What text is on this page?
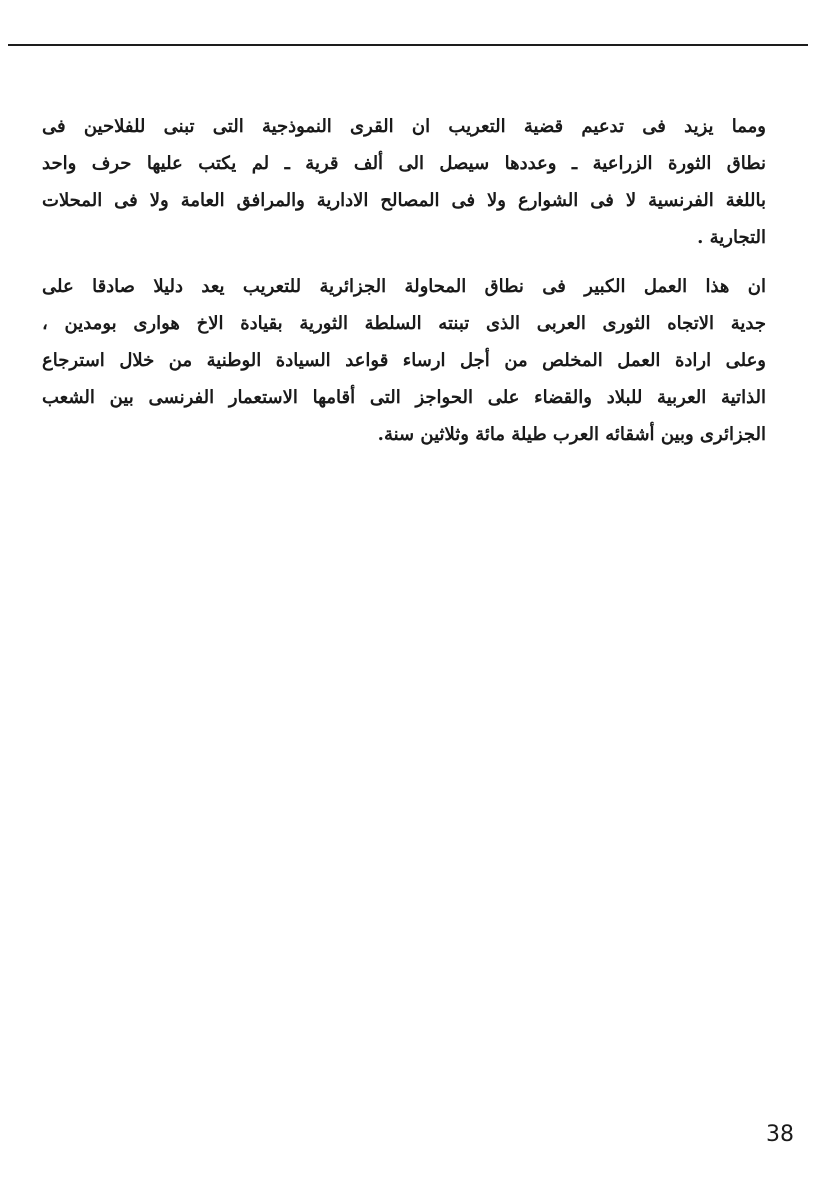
ومما يزيد فى تدعيم قضية التعريب ان القرى النموذجية التى تبنى للفلاحين فى
نطاق الثورة الزراعية ـ وعددها سيصل الى ألف قرية ـ لم يكتب عليها حرف واحد
باللغة الفرنسية لا فى الشوارع ولا فى المصالح الادارية والمرافق العامة ولا فى المحلات
التجارية .
ان هذا العمل الكبير فى نطاق المحاولة الجزائرية للتعريب يعد دليلا صادقا على
جدية الاتجاه الثورى العربى الذى تبنته السلطة الثورية بقيادة الاخ هوارى بومدين ،
وعلى ارادة العمل المخلص من أجل ارساء قواعد السيادة الوطنية من خلال استرجاع
الذاتية العربية للبلاد والقضاء على الحواجز التى أقامها الاستعمار الفرنسى بين الشعب
الجزائرى وبين أشقائه العرب طيلة مائة وثلاثين سنة.
38
